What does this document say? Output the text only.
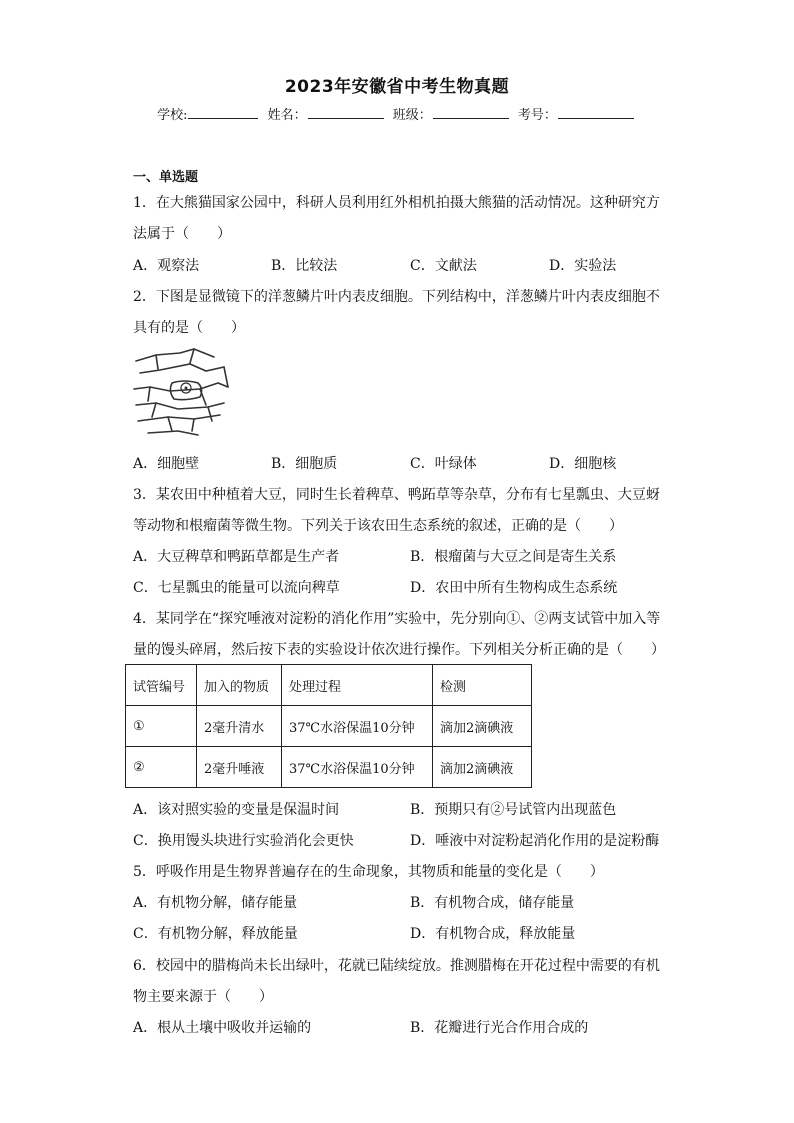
2023年安徽省中考生物真题
学校:	姓名：	班级：	考号：
一、单选题
1．在大熊猫国家公园中，科研人员利用红外相机拍摄大熊猫的活动情况。这种研究方
法属于（　　）
A．观察法	B．比较法	C．文献法	D．实验法
2．下图是显微镜下的洋葱鳞片叶内表皮细胞。下列结构中，洋葱鳞片叶内表皮细胞不
具有的是（　　）
A．细胞壁	B．细胞质	C．叶绿体	D．细胞核
3．某农田中种植着大豆，同时生长着稗草、鸭跖草等杂草，分布有七星瓢虫、大豆蚜
等动物和根瘤菌等微生物。下列关于该农田生态系统的叙述，正确的是（　　）
A．大豆稗草和鸭跖草都是生产者	B．根瘤菌与大豆之间是寄生关系
C．七星瓢虫的能量可以流向稗草	D．农田中所有生物构成生态系统
4．某同学在“探究唾液对淀粉的消化作用”实验中，先分别向①、②两支试管中加入等
量的馒头碎屑，然后按下表的实验设计依次进行操作。下列相关分析正确的是（　　）
试管编号	加入的物质	处理过程	检测
①	2毫升清水	37℃水浴保温10分钟	滴加2滴碘液
②	2毫升唾液	37℃水浴保温10分钟	滴加2滴碘液
A．该对照实验的变量是保温时间	B．预期只有②号试管内出现蓝色
C．换用馒头块进行实验消化会更快	D．唾液中对淀粉起消化作用的是淀粉酶
5．呼吸作用是生物界普遍存在的生命现象，其物质和能量的变化是（　　）
A．有机物分解，储存能量	B．有机物合成，储存能量
C．有机物分解，释放能量	D．有机物合成，释放能量
6．校园中的腊梅尚未长出绿叶，花就已陆续绽放。推测腊梅在开花过程中需要的有机
物主要来源于（　　）
A．根从土壤中吸收并运输的	B．花瓣进行光合作用合成的
